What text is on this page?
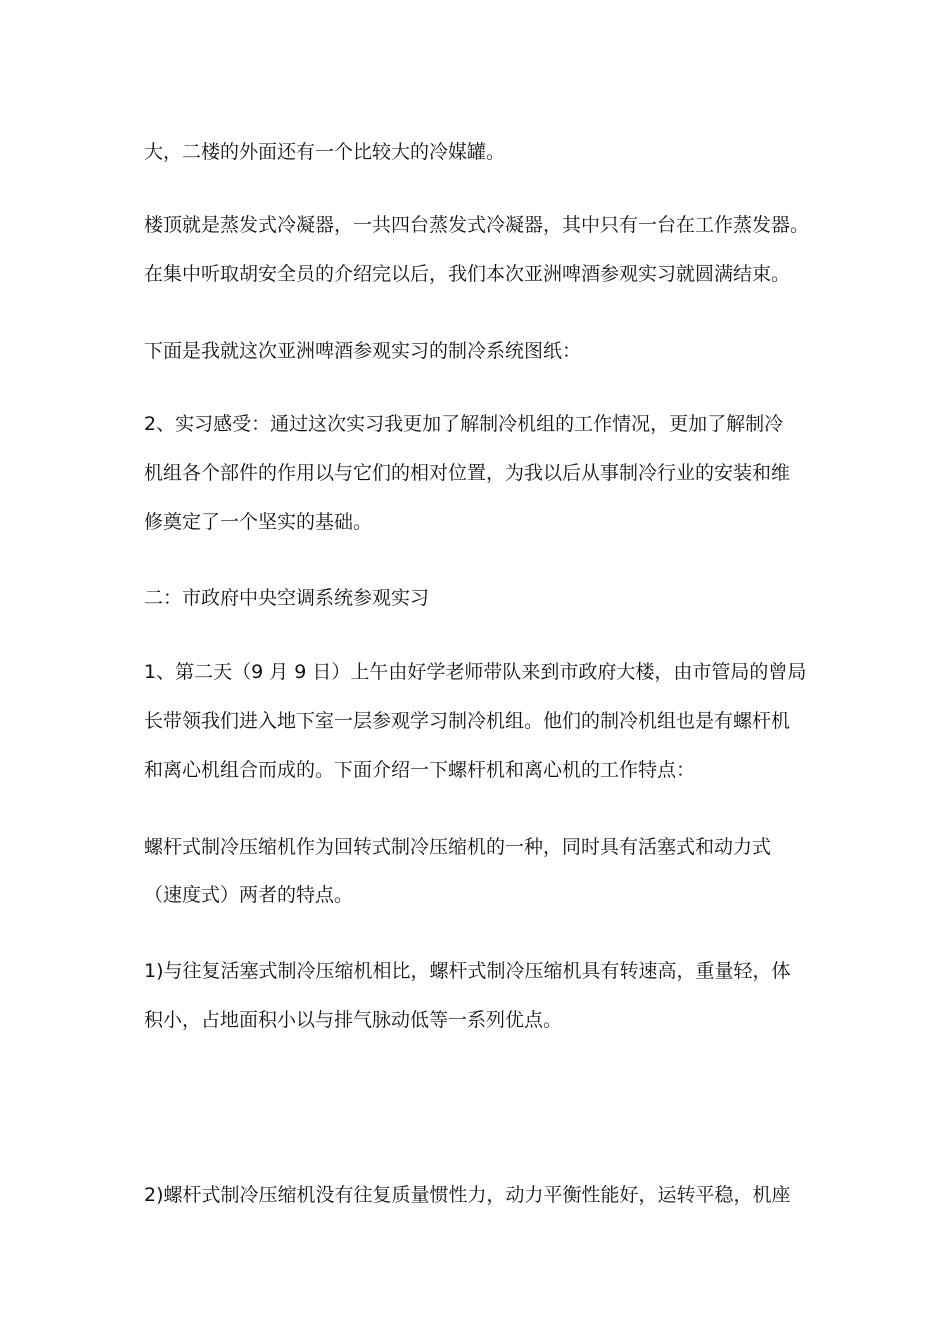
大，二楼的外面还有一个比较大的冷媒罐。
楼顶就是蒸发式冷凝器，一共四台蒸发式冷凝器，其中只有一台在工作蒸发器。
在集中听取胡安全员的介绍完以后，我们本次亚洲啤酒参观实习就圆满结束。
下面是我就这次亚洲啤酒参观实习的制冷系统图纸：
2、实习感受：通过这次实习我更加了解制冷机组的工作情况，更加了解制冷
机组各个部件的作用以与它们的相对位置，为我以后从事制冷行业的安装和维
修奠定了一个坚实的基础。
二：市政府中央空调系统参观实习
1、第二天（9 月 9 日）上午由好学老师带队来到市政府大楼，由市管局的曾局
长带领我们进入地下室一层参观学习制冷机组。他们的制冷机组也是有螺杆机
和离心机组合而成的。下面介绍一下螺杆机和离心机的工作特点：
螺杆式制冷压缩机作为回转式制冷压缩机的一种，同时具有活塞式和动力式
（速度式）两者的特点。
1)与往复活塞式制冷压缩机相比，螺杆式制冷压缩机具有转速高，重量轻，体
积小，占地面积小以与排气脉动低等一系列优点。
2)螺杆式制冷压缩机没有往复质量惯性力，动力平衡性能好，运转平稳，机座
